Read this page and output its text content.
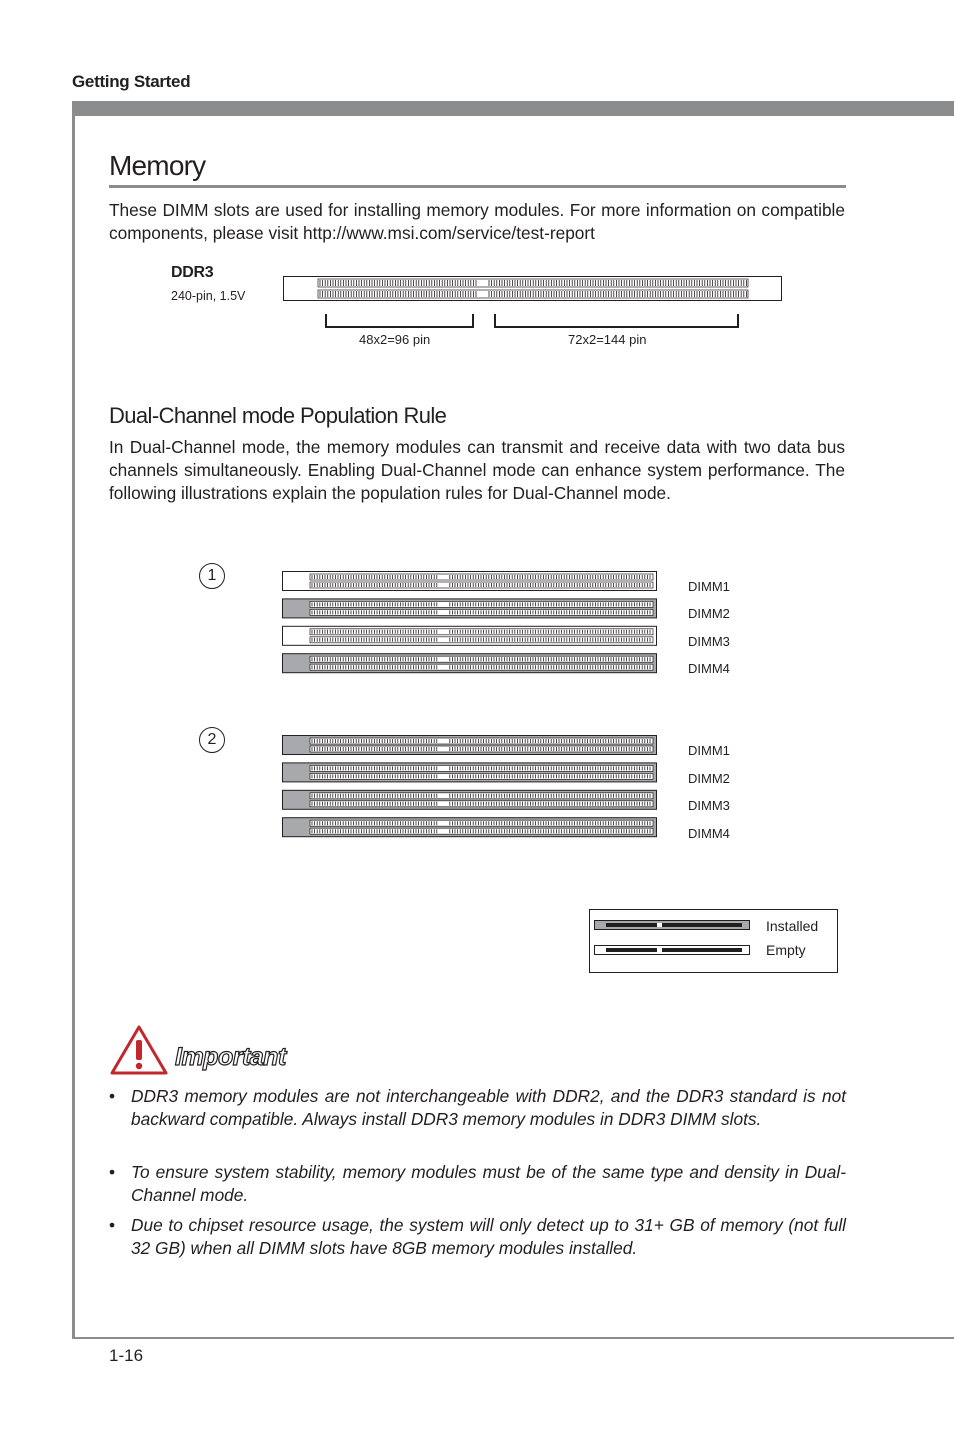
Getting Started
Memory
These DIMM slots are used for installing memory modules. For more information on compatible components, please visit http://www.msi.com/service/test-report
DDR3
240-pin, 1.5V
48x2=96 pin	72x2=144 pin
Dual-Channel mode Population Rule
In Dual-Channel mode, the memory modules can transmit and receive data with two data bus channels simultaneously. Enabling Dual-Channel mode can enhance system performance. The following illustrations explain the population rules for Dual-Channel mode.
1
2
DIMM1
DIMM2
DIMM3
DIMM4
DIMM1
DIMM2
DIMM3
DIMM4
Installed
Empty
Important
• DDR3 memory modules are not interchangeable with DDR2, and the DDR3 standard is not backward compatible. Always install DDR3 memory modules in DDR3 DIMM slots.
• To ensure system stability, memory modules must be of the same type and density in Dual-Channel mode.
• Due to chipset resource usage, the system will only detect up to 31+ GB of memory (not full 32 GB) when all DIMM slots have 8GB memory modules installed.
1-16
